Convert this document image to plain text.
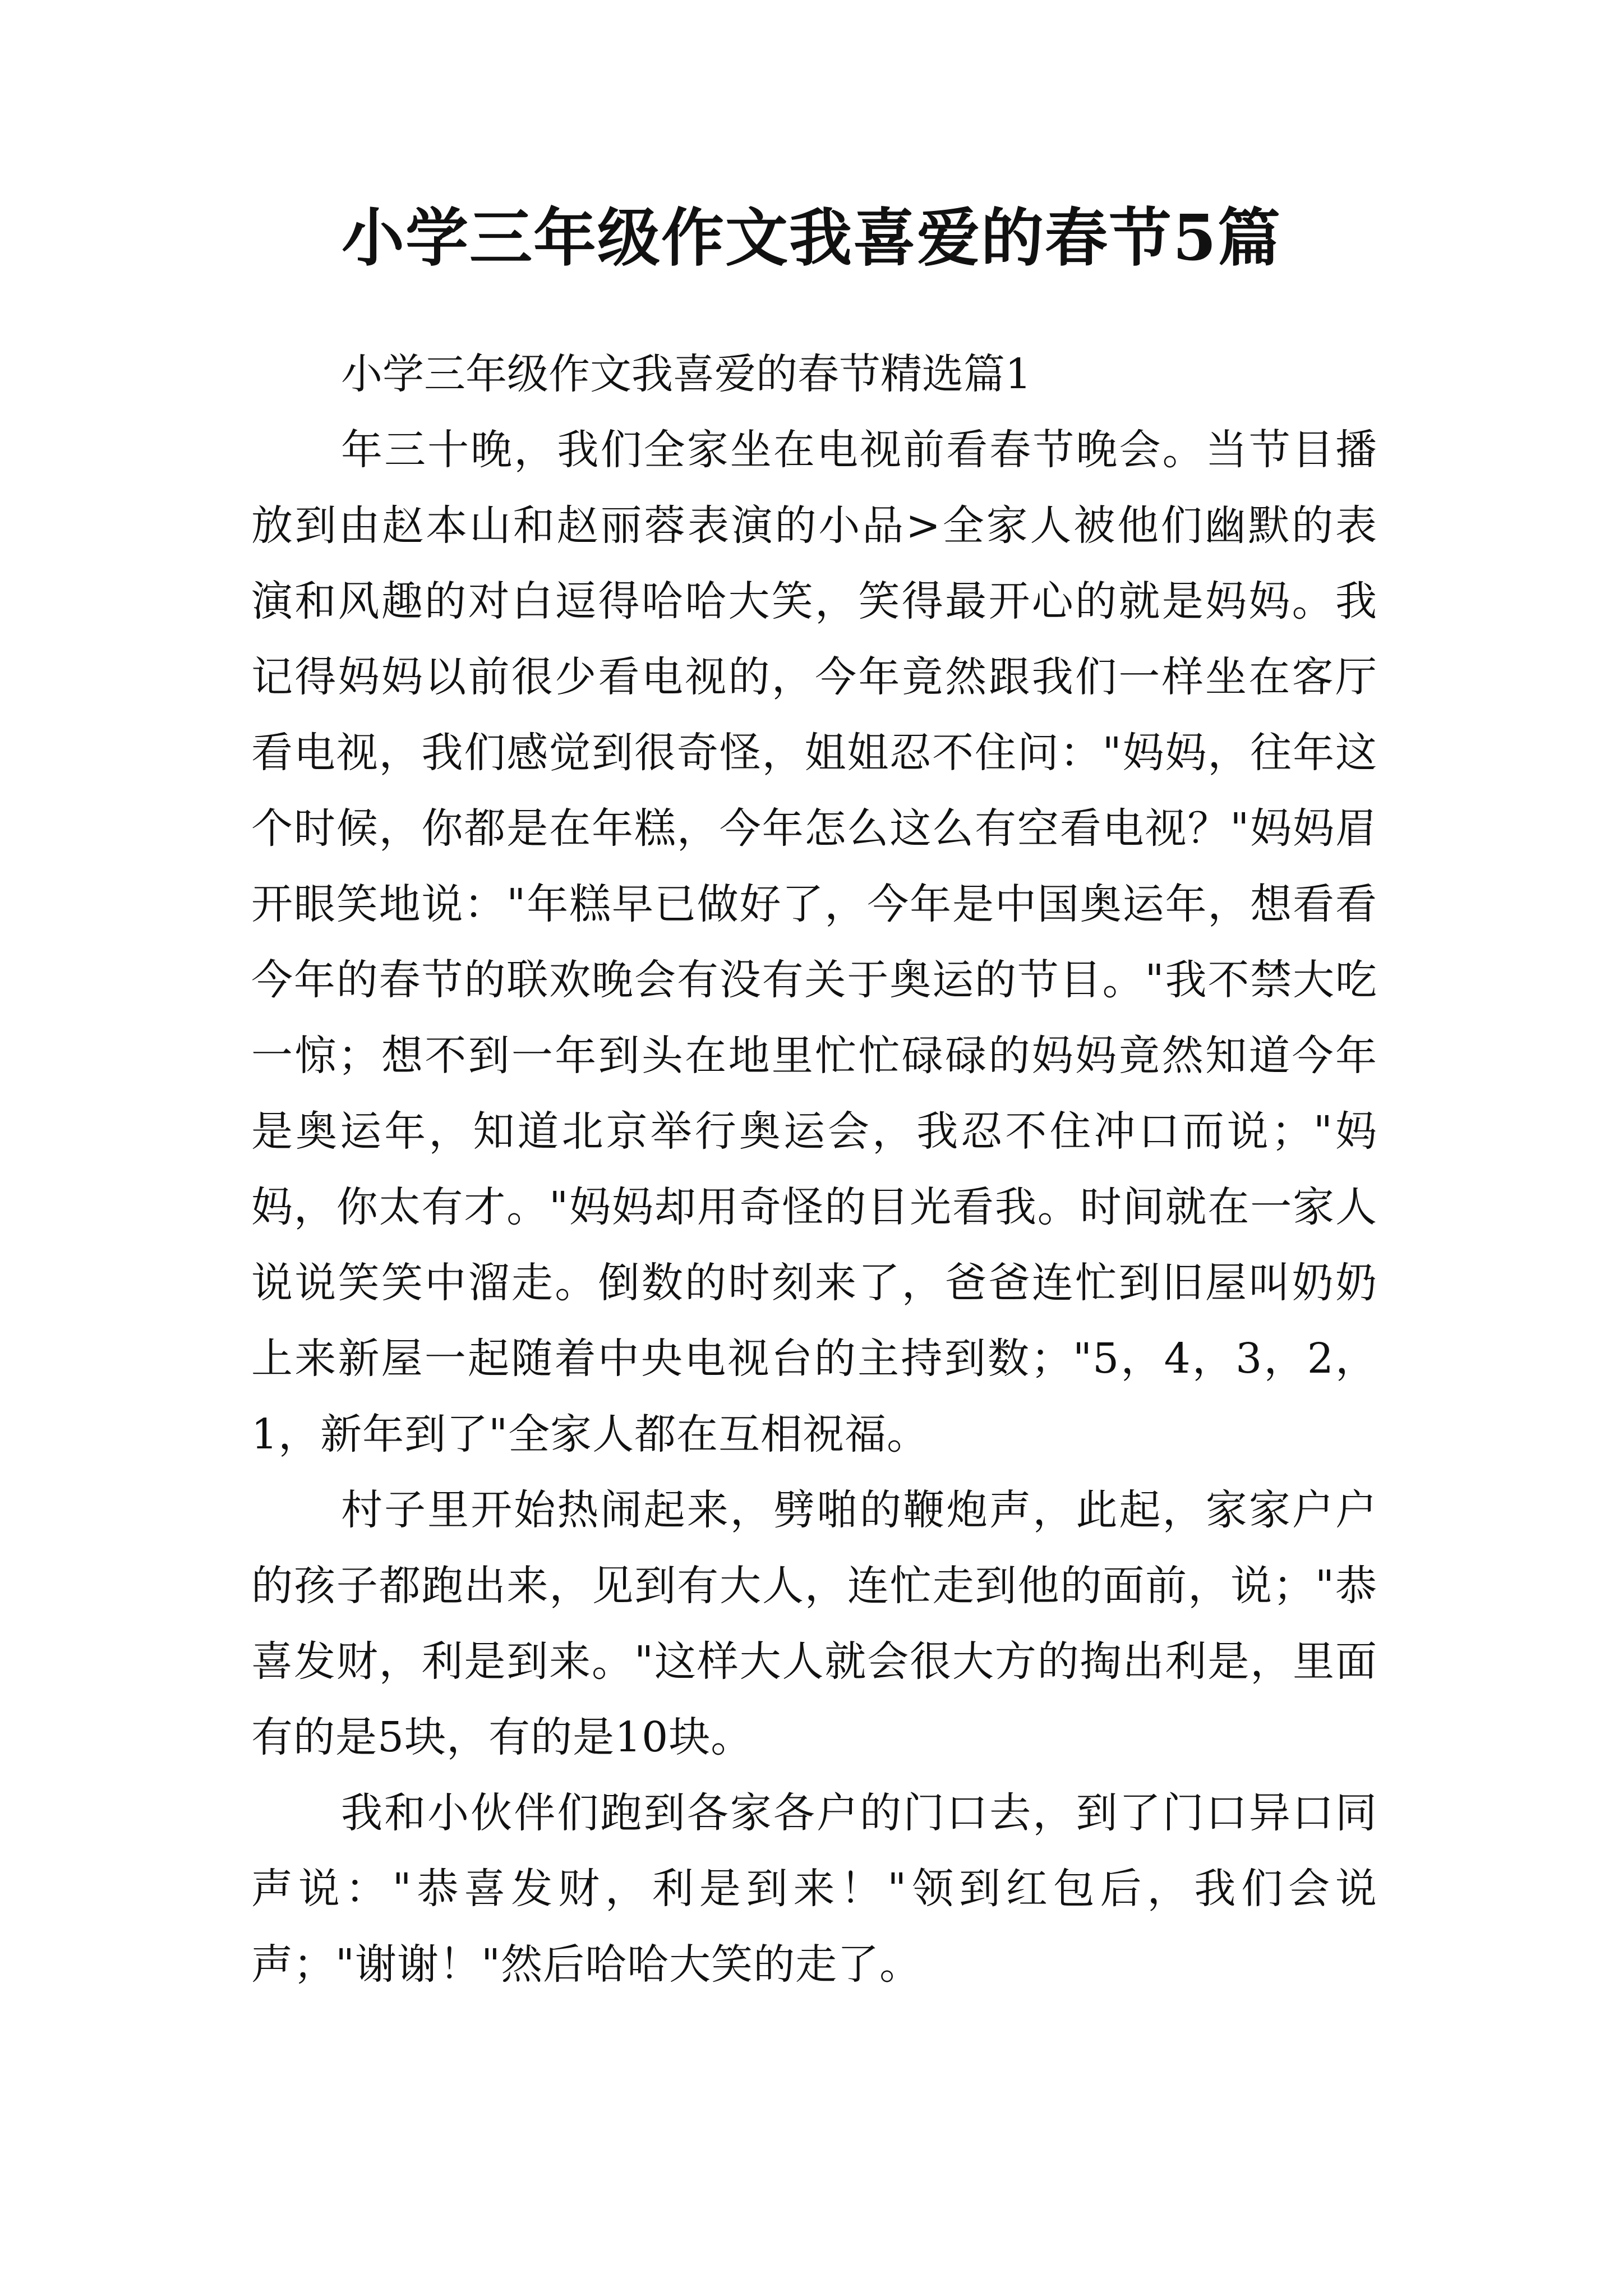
小学三年级作文我喜爱的春节5篇

小学三年级作文我喜爱的春节精选篇1

年三十晚，我们全家坐在电视前看春节晚会。当节目播放到由赵本山和赵丽蓉表演的小品>全家人被他们幽默的表演和风趣的对白逗得哈哈大笑，笑得最开心的就是妈妈。我记得妈妈以前很少看电视的，今年竟然跟我们一样坐在客厅看电视，我们感觉到很奇怪，姐姐忍不住问："妈妈，往年这个时候，你都是在年糕，今年怎么这么有空看电视？"妈妈眉开眼笑地说："年糕早已做好了，今年是中国奥运年，想看看今年的春节的联欢晚会有没有关于奥运的节目。"我不禁大吃一惊；想不到一年到头在地里忙忙碌碌的妈妈竟然知道今年是奥运年，知道北京举行奥运会，我忍不住冲口而说；"妈妈，你太有才。"妈妈却用奇怪的目光看我。时间就在一家人说说笑笑中溜走。倒数的时刻来了，爸爸连忙到旧屋叫奶奶上来新屋一起随着中央电视台的主持到数；"5，4，3，2，1，新年到了"全家人都在互相祝福。

村子里开始热闹起来，劈啪的鞭炮声，此起，家家户户的孩子都跑出来，见到有大人，连忙走到他的面前，说；"恭喜发财，利是到来。"这样大人就会很大方的掏出利是，里面有的是5块，有的是10块。

我和小伙伴们跑到各家各户的门口去，到了门口异口同声说："恭喜发财，利是到来！"领到红包后，我们会说声；"谢谢！"然后哈哈大笑的走了。
